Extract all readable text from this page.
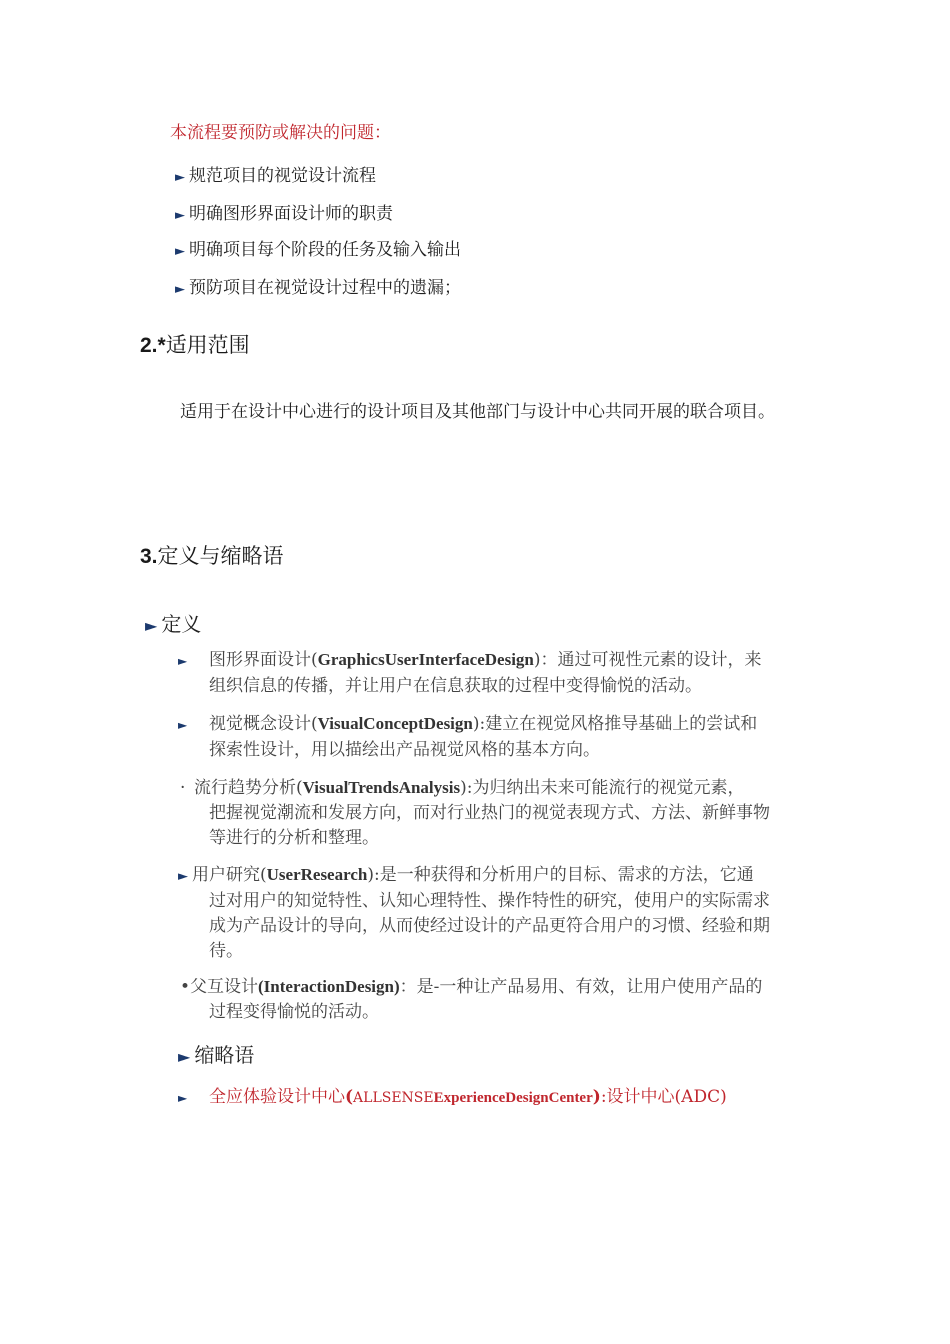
本流程要预防或解决的问题：
► 规范项目的视觉设计流程
► 明确图形界面设计师的职责
► 明确项目每个阶段的任务及输入输出
► 预防项目在视觉设计过程中的遗漏；
2.*适用范围
适用于在设计中心进行的设计项目及其他部门与设计中心共同开展的联合项目。
3.定义与缩略语
► 定义
► 图形界面设计(GraphicsUserInterfaceDesign)：通过可视性元素的设计，来
组织信息的传播，并让用户在信息获取的过程中变得愉悦的活动。
► 视觉概念设计(VisualConceptDesign):建立在视觉风格推导基础上的尝试和
探索性设计，用以描绘出产品视觉风格的基本方向。
· 流行趋势分析(VisualTrendsAnalysis):为归纳出未来可能流行的视觉元素，
把握视觉潮流和发展方向，而对行业热门的视觉表现方式、方法、新鲜事物
等进行的分析和整理。
► 用户研究(UserResearch):是一种获得和分析用户的目标、需求的方法，它通
过对用户的知觉特性、认知心理特性、操作特性的研究，使用户的实际需求
成为产品设计的导向，从而使经过设计的产品更符合用户的习惯、经验和期
待。
•父互设计(InteractionDesign)：是-一种让产品易用、有效，让用户使用产品的
过程变得愉悦的活动。
► 缩略语
► 全应体验设计中心(ALLSENSEExperienceDesignCenter):设计中心(ADC)
